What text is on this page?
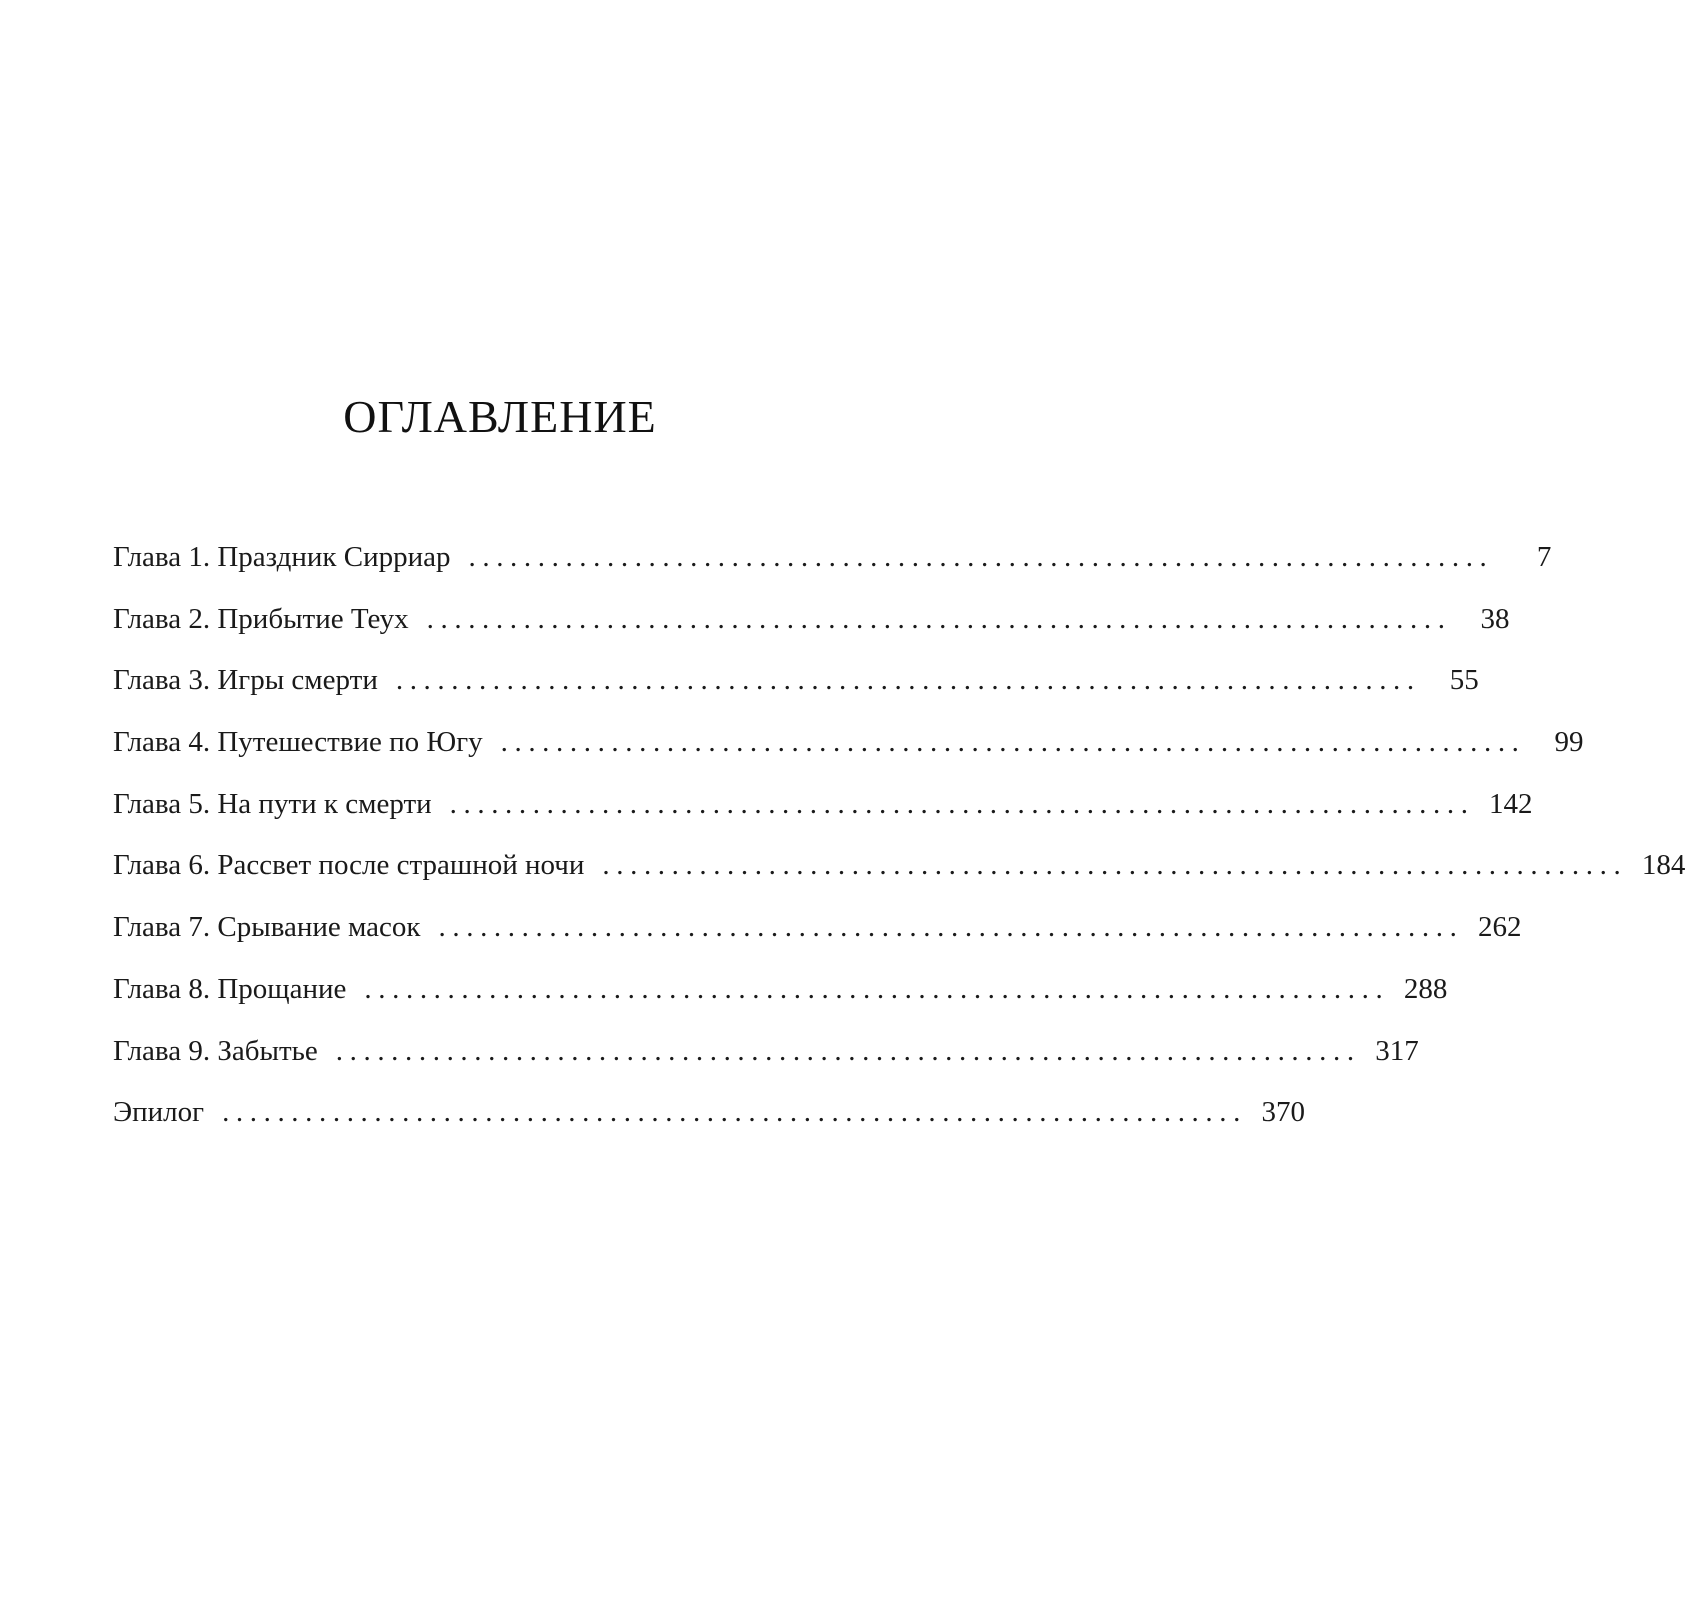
ОГЛАВЛЕНИЕ
Глава 1. Праздник Сирриар ..........................................................................	7
Глава 2. Прибытие Теух ..........................................................................	38
Глава 3. Игры смерти ..........................................................................	55
Глава 4. Путешествие по Югу ..........................................................................	99
Глава 5. На пути к смерти .......................................................................... 142
Глава 6. Рассвет после страшной ночи .......................................................................... 184
Глава 7. Срывание масок .......................................................................... 262
Глава 8. Прощание .......................................................................... 288
Глава 9. Забытье .......................................................................... 317
Эпилог .......................................................................... 370
